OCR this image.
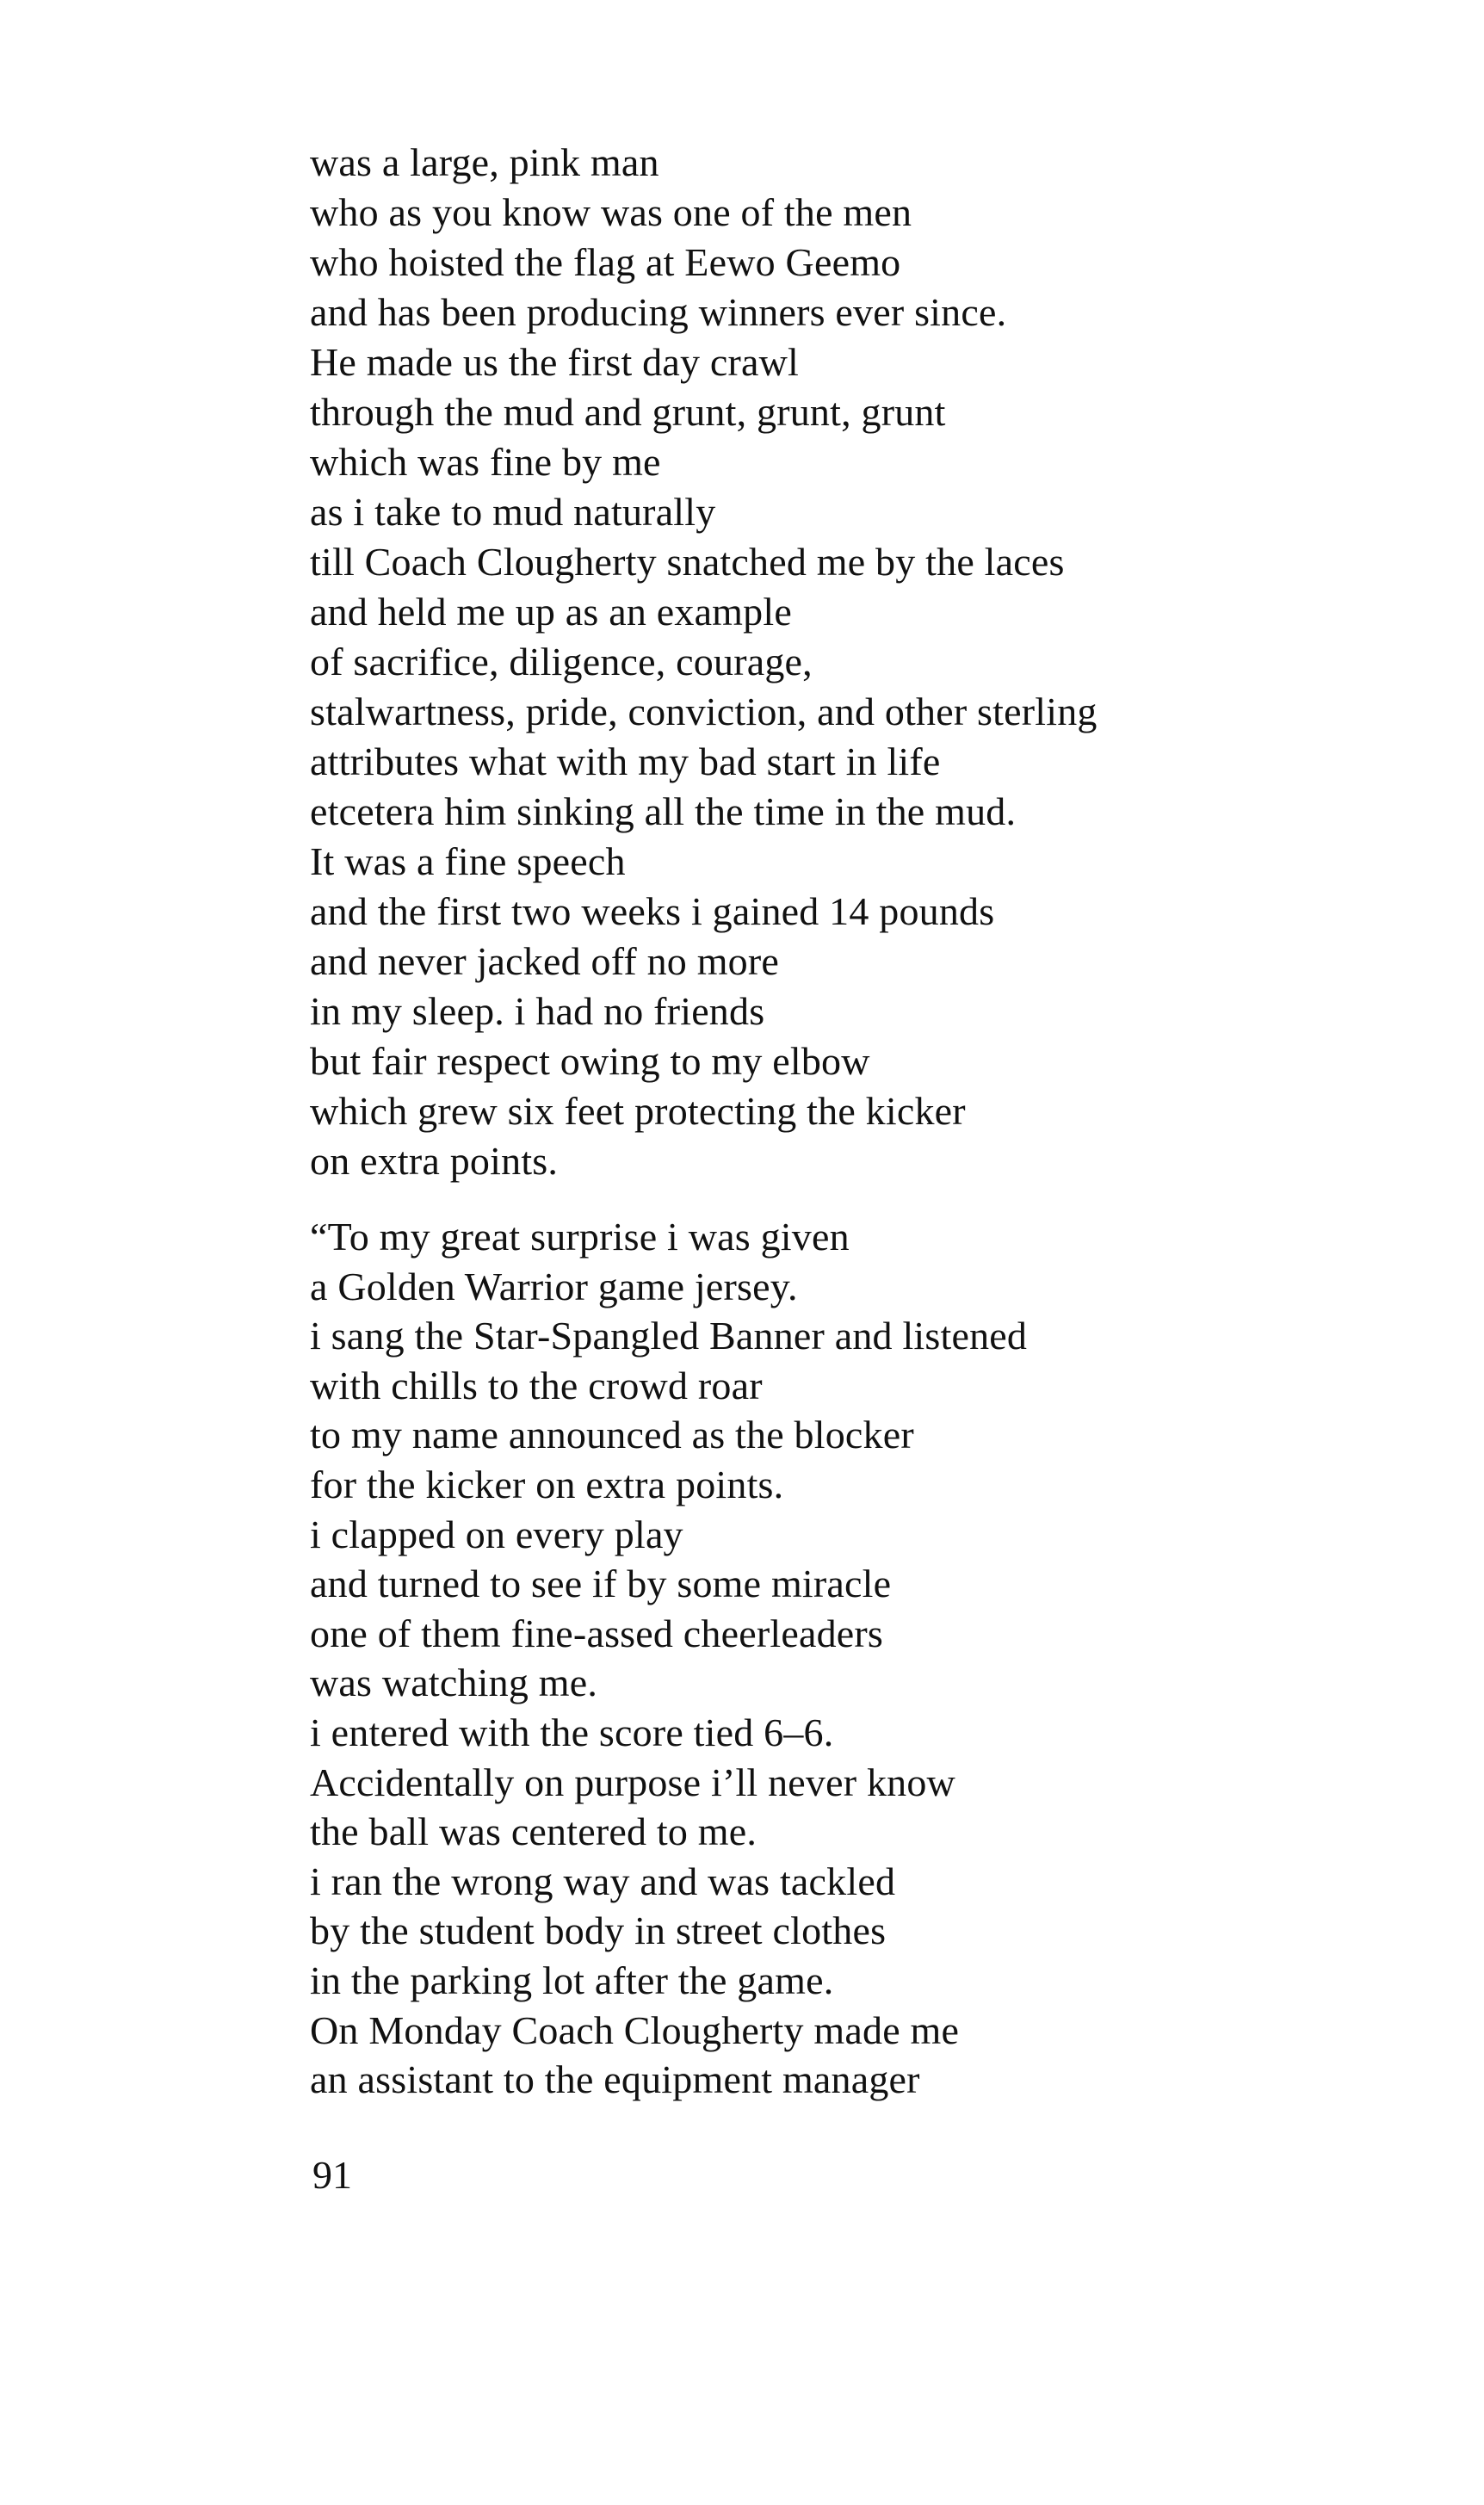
was a large, pink man
who as you know was one of the men
who hoisted the flag at Eewo Geemo
and has been producing winners ever since.
He made us the first day crawl
through the mud and grunt, grunt, grunt
which was fine by me
as i take to mud naturally
till Coach Clougherty snatched me by the laces
and held me up as an example
of sacrifice, diligence, courage,
stalwartness, pride, conviction, and other sterling
attributes what with my bad start in life
etcetera him sinking all the time in the mud.
It was a fine speech
and the first two weeks i gained 14 pounds
and never jacked off no more
in my sleep. i had no friends
but fair respect owing to my elbow
which grew six feet protecting the kicker
on extra points.
“To my great surprise i was given
a Golden Warrior game jersey.
i sang the Star-Spangled Banner and listened
with chills to the crowd roar
to my name announced as the blocker
for the kicker on extra points.
i clapped on every play
and turned to see if by some miracle
one of them fine-assed cheerleaders
was watching me.
i entered with the score tied 6–6.
Accidentally on purpose i’ll never know
the ball was centered to me.
i ran the wrong way and was tackled
by the student body in street clothes
in the parking lot after the game.
On Monday Coach Clougherty made me
an assistant to the equipment manager
91
